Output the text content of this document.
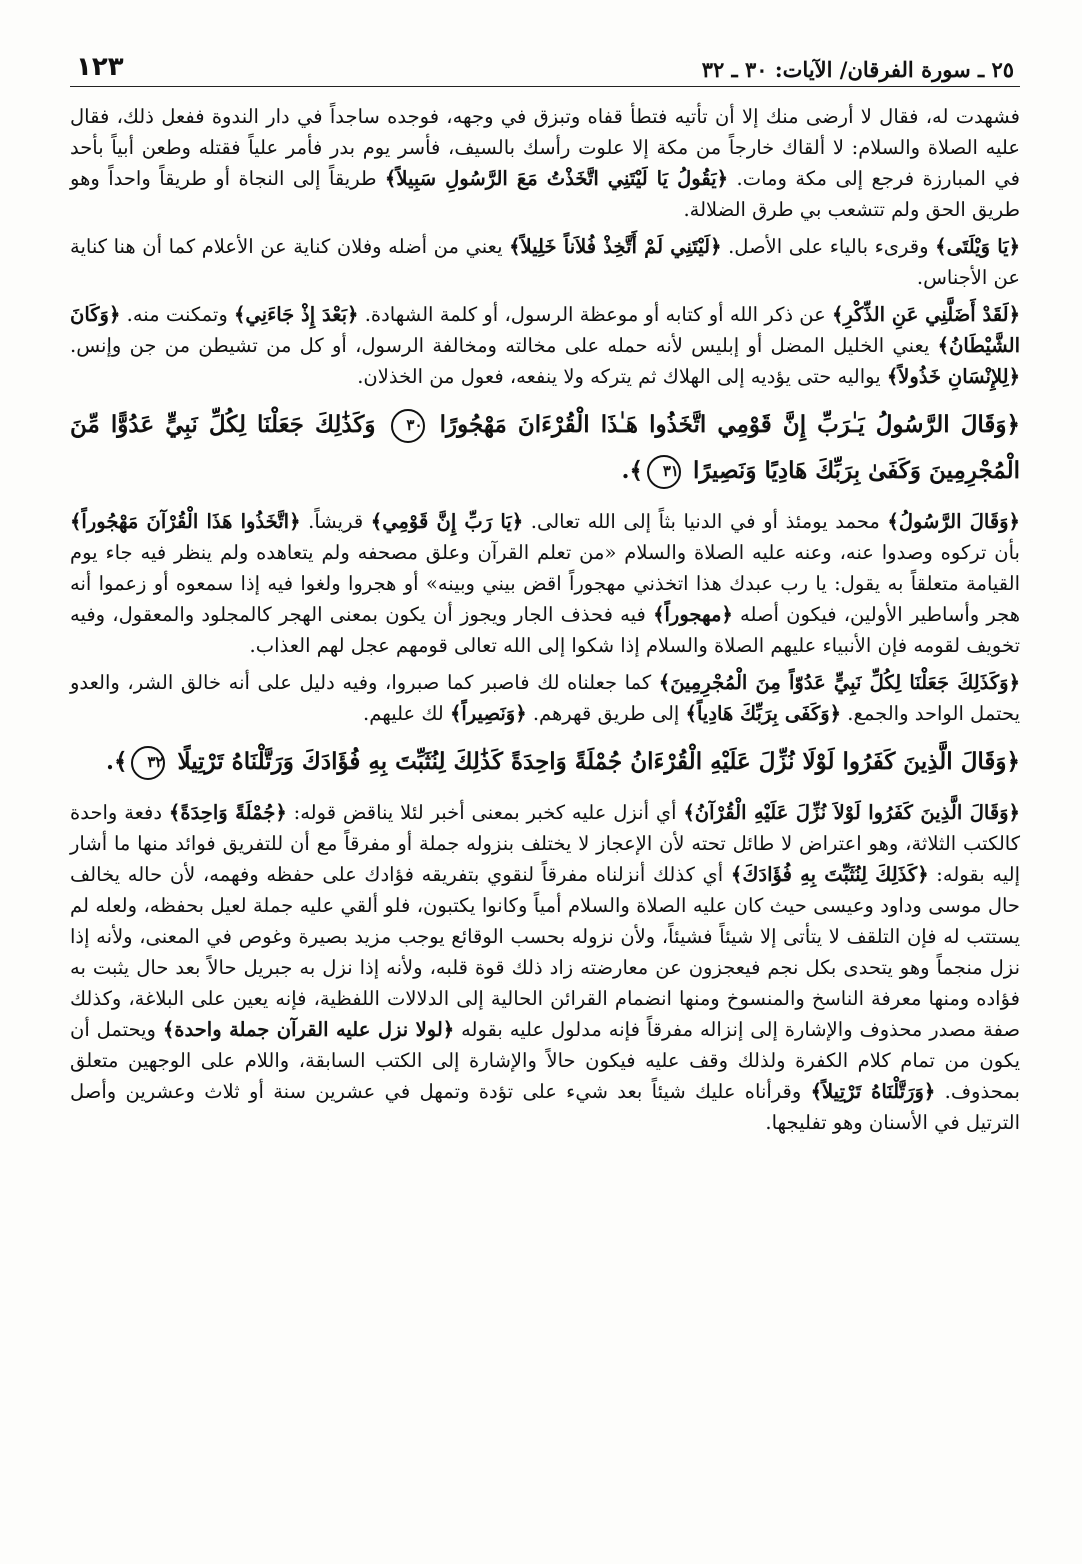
٢٥ ـ سورة الفرقان/ الآيات: ٣٠ ـ ٣٢
١٢٣

فشهدت له، فقال لا أرضى منك إلا أن تأتيه فتطأ قفاه وتبزق في وجهه، فوجده ساجداً في دار الندوة ففعل ذلك، فقال عليه الصلاة والسلام: لا ألقاك خارجاً من مكة إلا علوت رأسك بالسيف، فأسر يوم بدر فأمر علياً فقتله وطعن أبياً بأحد في المبارزة فرجع إلى مكة ومات. ﴿يَقُولُ يَا لَيْتَنِي اتَّخَذْتُ مَعَ الرَّسُولِ سَبِيلاً﴾ طريقاً إلى النجاة أو طريقاً واحداً وهو طريق الحق ولم تتشعب بي طرق الضلالة.

﴿يَا وَيْلَتَى﴾ وقرىء بالياء على الأصل. ﴿لَيْتَنِي لَمْ أَتَّخِذْ فُلاَناً خَلِيلاً﴾ يعني من أضله وفلان كناية عن الأعلام كما أن هنا كناية عن الأجناس.

﴿لَقَدْ أَضَلَّنِي عَنِ الذِّكْرِ﴾ عن ذكر الله أو كتابه أو موعظة الرسول، أو كلمة الشهادة. ﴿بَعْدَ إِذْ جَاءَنِي﴾ وتمكنت منه. ﴿وَكَانَ الشَّيْطَانُ﴾ يعني الخليل المضل أو إبليس لأنه حمله على مخالته ومخالفة الرسول، أو كل من تشيطن من جن وإنس. ﴿لِلإِنْسَانِ خَذُولاً﴾ يواليه حتى يؤديه إلى الهلاك ثم يتركه ولا ينفعه، فعول من الخذلان.

﴿وَقَالَ الرَّسُولُ يَـٰرَبِّ إِنَّ قَوْمِي اتَّخَذُوا هَـٰذَا الْقُرْءَانَ مَهْجُورًا ٣٠ وَكَذَٰلِكَ جَعَلْنَا لِكُلِّ نَبِيٍّ عَدُوًّا مِّنَ الْمُجْرِمِينَ وَكَفَىٰ بِرَبِّكَ هَادِيًا وَنَصِيرًا ٣١﴾.

﴿وَقَالَ الرَّسُولُ﴾ محمد يومئذ أو في الدنيا بثاً إلى الله تعالى. ﴿يَا رَبِّ إِنَّ قَوْمِي﴾ قريشاً. ﴿اتَّخَذُوا هَذَا الْقُرْآنَ مَهْجُوراً﴾ بأن تركوه وصدوا عنه، وعنه عليه الصلاة والسلام «من تعلم القرآن وعلق مصحفه ولم يتعاهده ولم ينظر فيه جاء يوم القيامة متعلقاً به يقول: يا رب عبدك هذا اتخذني مهجوراً اقض بيني وبينه» أو هجروا ولغوا فيه إذا سمعوه أو زعموا أنه هجر وأساطير الأولين، فيكون أصله ﴿مهجوراً﴾ فيه فحذف الجار ويجوز أن يكون بمعنى الهجر كالمجلود والمعقول، وفيه تخويف لقومه فإن الأنبياء عليهم الصلاة والسلام إذا شكوا إلى الله تعالى قومهم عجل لهم العذاب.

﴿وَكَذَلِكَ جَعَلْنَا لِكُلِّ نَبِيٍّ عَدُوّاً مِنَ الْمُجْرِمِينَ﴾ كما جعلناه لك فاصبر كما صبروا، وفيه دليل على أنه خالق الشر، والعدو يحتمل الواحد والجمع. ﴿وَكَفَى بِرَبِّكَ هَادِياً﴾ إلى طريق قهرهم. ﴿وَنَصِيراً﴾ لك عليهم.

﴿وَقَالَ الَّذِينَ كَفَرُوا لَوْلَا نُزِّلَ عَلَيْهِ الْقُرْءَانُ جُمْلَةً وَاحِدَةً كَذَٰلِكَ لِنُثَبِّتَ بِهِ فُؤَادَكَ وَرَتَّلْنَاهُ تَرْتِيلًا ٣٢﴾.

﴿وَقَالَ الَّذِينَ كَفَرُوا لَوْلاَ نُزِّلَ عَلَيْهِ الْقُرْآنُ﴾ أي أنزل عليه كخبر بمعنى أخبر لئلا يناقض قوله: ﴿جُمْلَةً وَاحِدَةً﴾ دفعة واحدة كالكتب الثلاثة، وهو اعتراض لا طائل تحته لأن الإعجاز لا يختلف بنزوله جملة أو مفرقاً مع أن للتفريق فوائد منها ما أشار إليه بقوله: ﴿كَذَلِكَ لِنُثَبِّتَ بِهِ فُؤَادَكَ﴾ أي كذلك أنزلناه مفرقاً لنقوي بتفريقه فؤادك على حفظه وفهمه، لأن حاله يخالف حال موسى وداود وعيسى حيث كان عليه الصلاة والسلام أمياً وكانوا يكتبون، فلو ألقي عليه جملة لعيل بحفظه، ولعله لم يستتب له فإن التلقف لا يتأتى إلا شيئاً فشيئاً، ولأن نزوله بحسب الوقائع يوجب مزيد بصيرة وغوص في المعنى، ولأنه إذا نزل منجماً وهو يتحدى بكل نجم فيعجزون عن معارضته زاد ذلك قوة قلبه، ولأنه إذا نزل به جبريل حالاً بعد حال يثبت به فؤاده ومنها معرفة الناسخ والمنسوخ ومنها انضمام القرائن الحالية إلى الدلالات اللفظية، فإنه يعين على البلاغة، وكذلك صفة مصدر محذوف والإشارة إلى إنزاله مفرقاً فإنه مدلول عليه بقوله ﴿لولا نزل عليه القرآن جملة واحدة﴾ ويحتمل أن يكون من تمام كلام الكفرة ولذلك وقف عليه فيكون حالاً والإشارة إلى الكتب السابقة، واللام على الوجهين متعلق بمحذوف. ﴿وَرَتَّلْنَاهُ تَرْتِيلاً﴾ وقرأناه عليك شيئاً بعد شيء على تؤدة وتمهل في عشرين سنة أو ثلاث وعشرين وأصل الترتيل في الأسنان وهو تفليجها.
